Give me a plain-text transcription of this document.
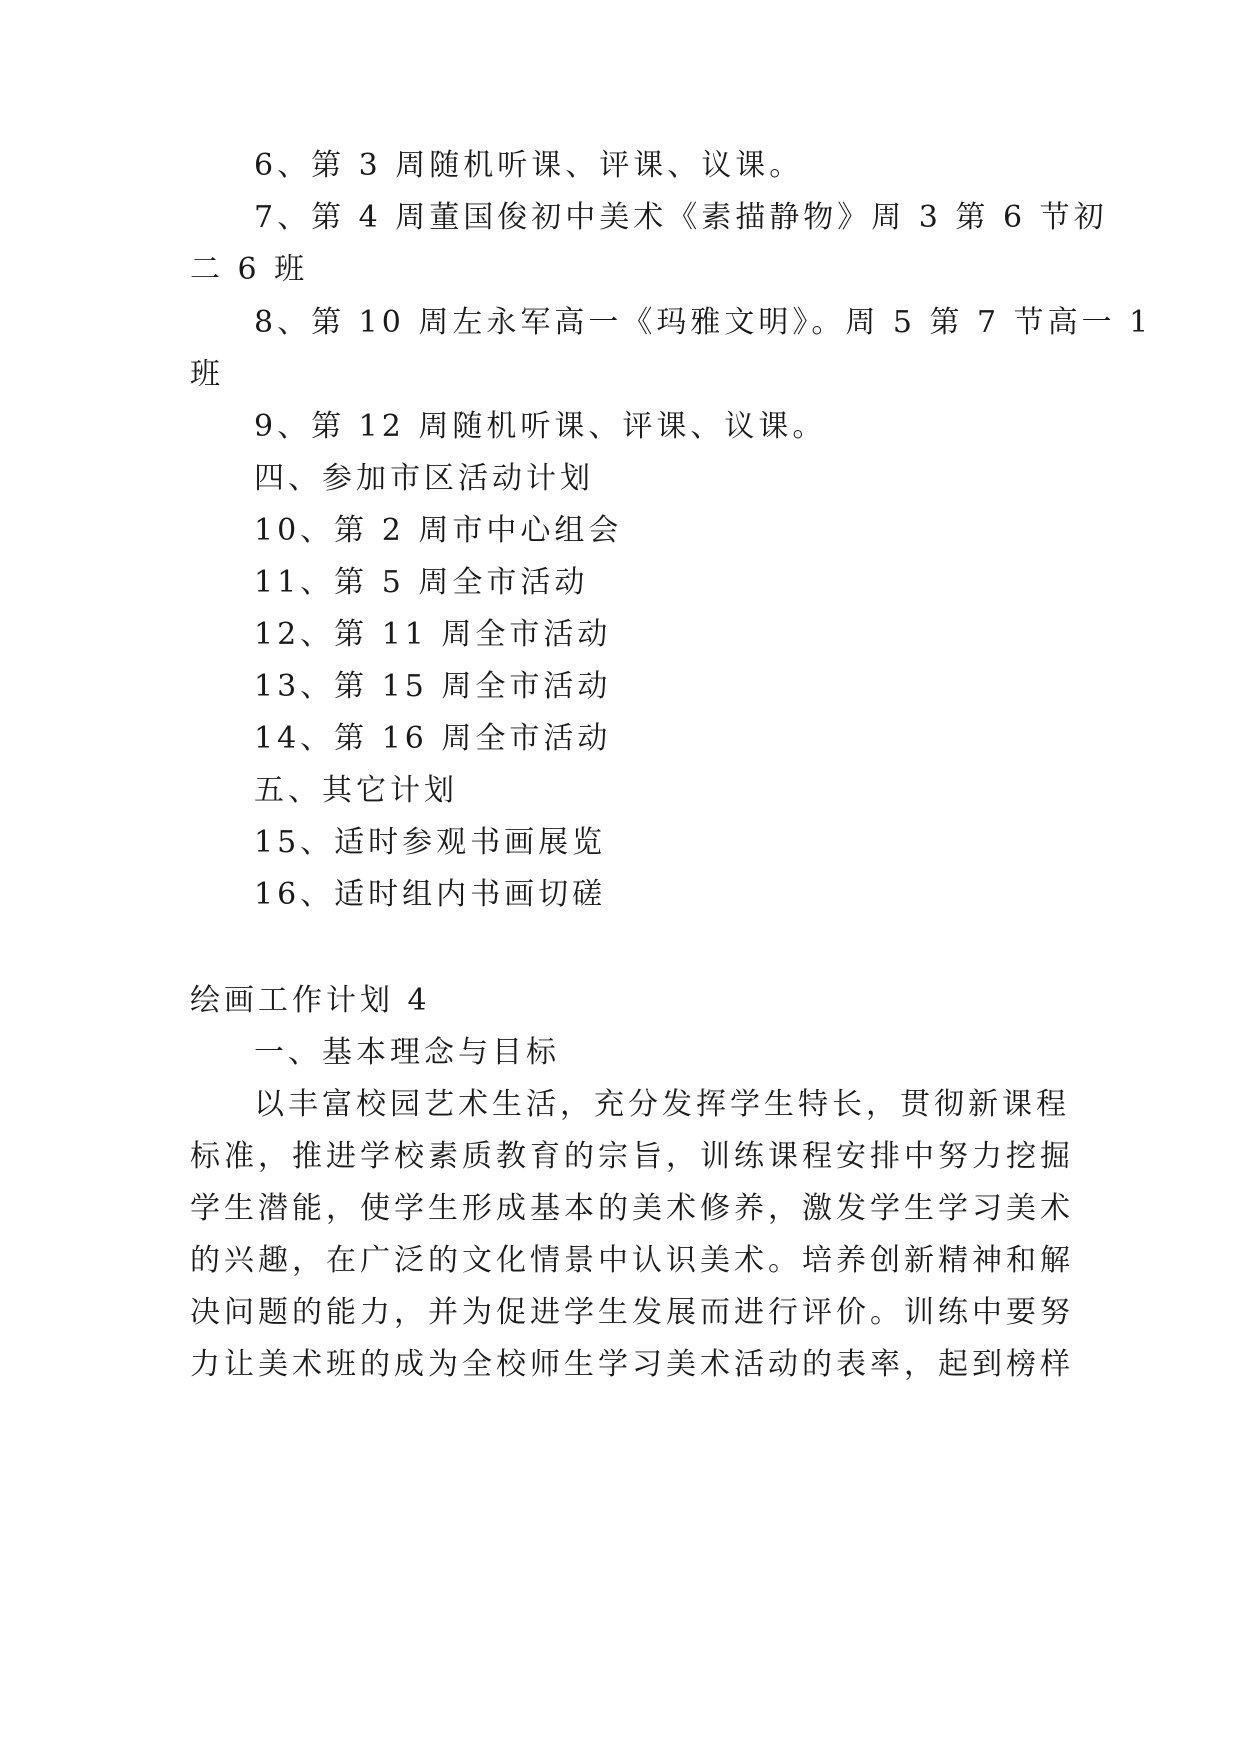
6、第 3 周随机听课、评课、议课。
7、第 4 周董国俊初中美术《素描静物》周 3 第 6 节初
二 6 班
8、第 10 周左永军高一《玛雅文明》。周 5 第 7 节高一 1
班
9、第 12 周随机听课、评课、议课。
四、参加市区活动计划
10、第 2 周市中心组会
11、第 5 周全市活动
12、第 11 周全市活动
13、第 15 周全市活动
14、第 16 周全市活动
五、其它计划
15、适时参观书画展览
16、适时组内书画切磋
绘画工作计划 4
一、基本理念与目标
以丰富校园艺术生活，充分发挥学生特长，贯彻新课程
标准，推进学校素质教育的宗旨，训练课程安排中努力挖掘
学生潜能，使学生形成基本的美术修养，激发学生学习美术
的兴趣，在广泛的文化情景中认识美术。培养创新精神和解
决问题的能力，并为促进学生发展而进行评价。训练中要努
力让美术班的成为全校师生学习美术活动的表率，起到榜样
